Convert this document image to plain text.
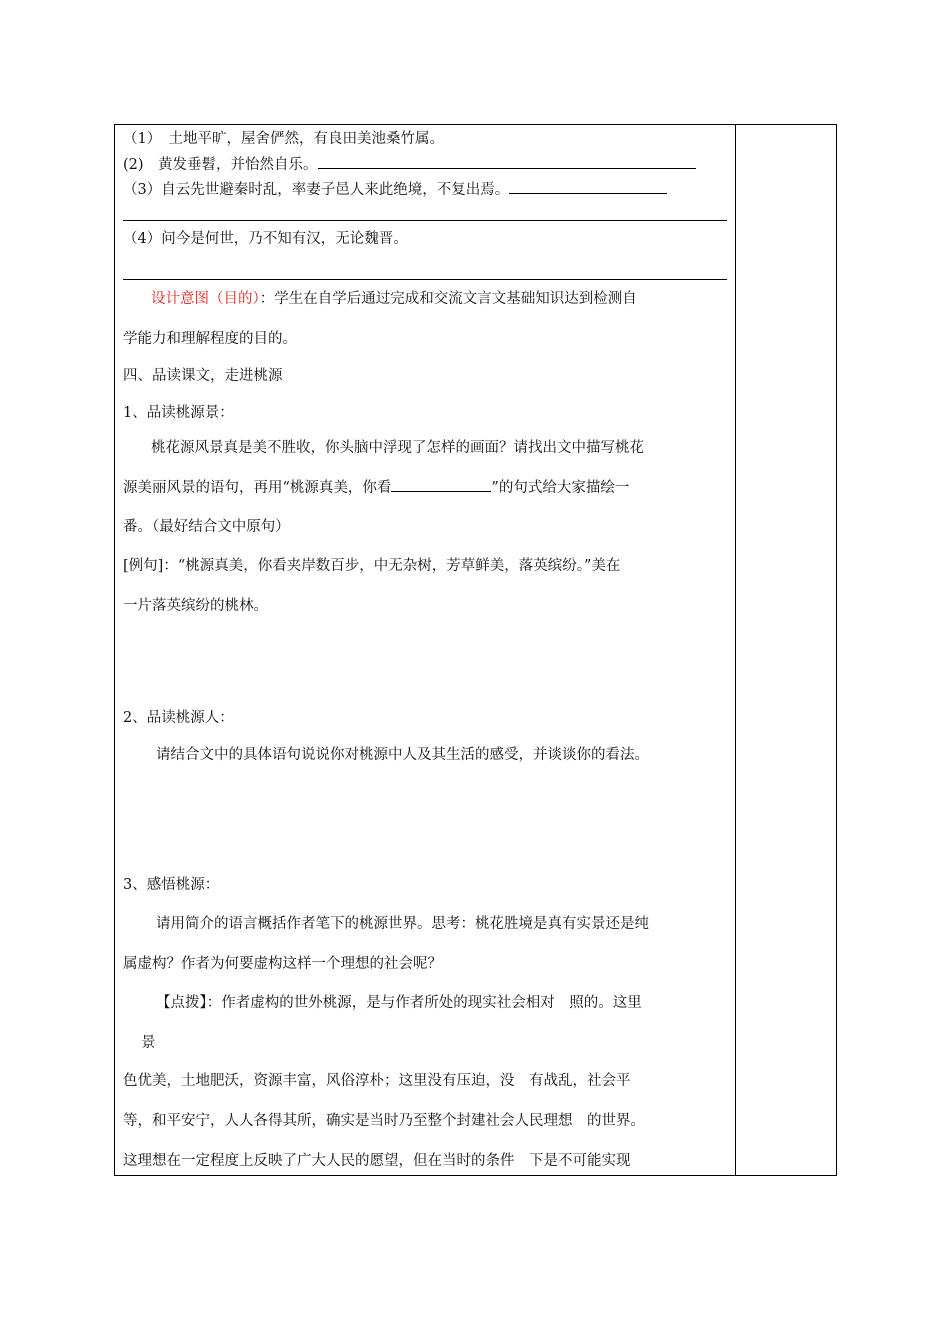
（1）　土地平旷，屋舍俨然，有良田美池桑竹属。
(2)　黄发垂髫，并怡然自乐。
（3）自云先世避秦时乱，率妻子邑人来此绝境，不复出焉。
（4）问今是何世，乃不知有汉，无论魏晋。
设计意图（目的）：学生在自学后通过完成和交流文言文基础知识达到检测自
学能力和理解程度的目的。
四、品读课文，走进桃源
1、品读桃源景：
桃花源风景真是美不胜收，你头脑中浮现了怎样的画面？请找出文中描写桃花
源美丽风景的语句，再用“桃源真美，你看	”的句式给大家描绘一
番。（最好结合文中原句）
[例句]：“桃源真美，你看夹岸数百步，中无杂树，芳草鲜美，落英缤纷。”美在
一片落英缤纷的桃林。
2、品读桃源人：
请结合文中的具体语句说说你对桃源中人及其生活的感受，并谈谈你的看法。
3、感悟桃源：
请用简介的语言概括作者笔下的桃源世界。思考：桃花胜境是真有实景还是纯
属虚构？作者为何要虚构这样一个理想的社会呢？
【点拨】：作者虚构的世外桃源，是与作者所处的现实社会相对　照的。这里
景
色优美，土地肥沃，资源丰富，风俗淳朴；这里没有压迫，没　有战乱，社会平
等，和平安宁，人人各得其所，确实是当时乃至整个封建社会人民理想　的世界。
这理想在一定程度上反映了广大人民的愿望，但在当时的条件　下是不可能实现
